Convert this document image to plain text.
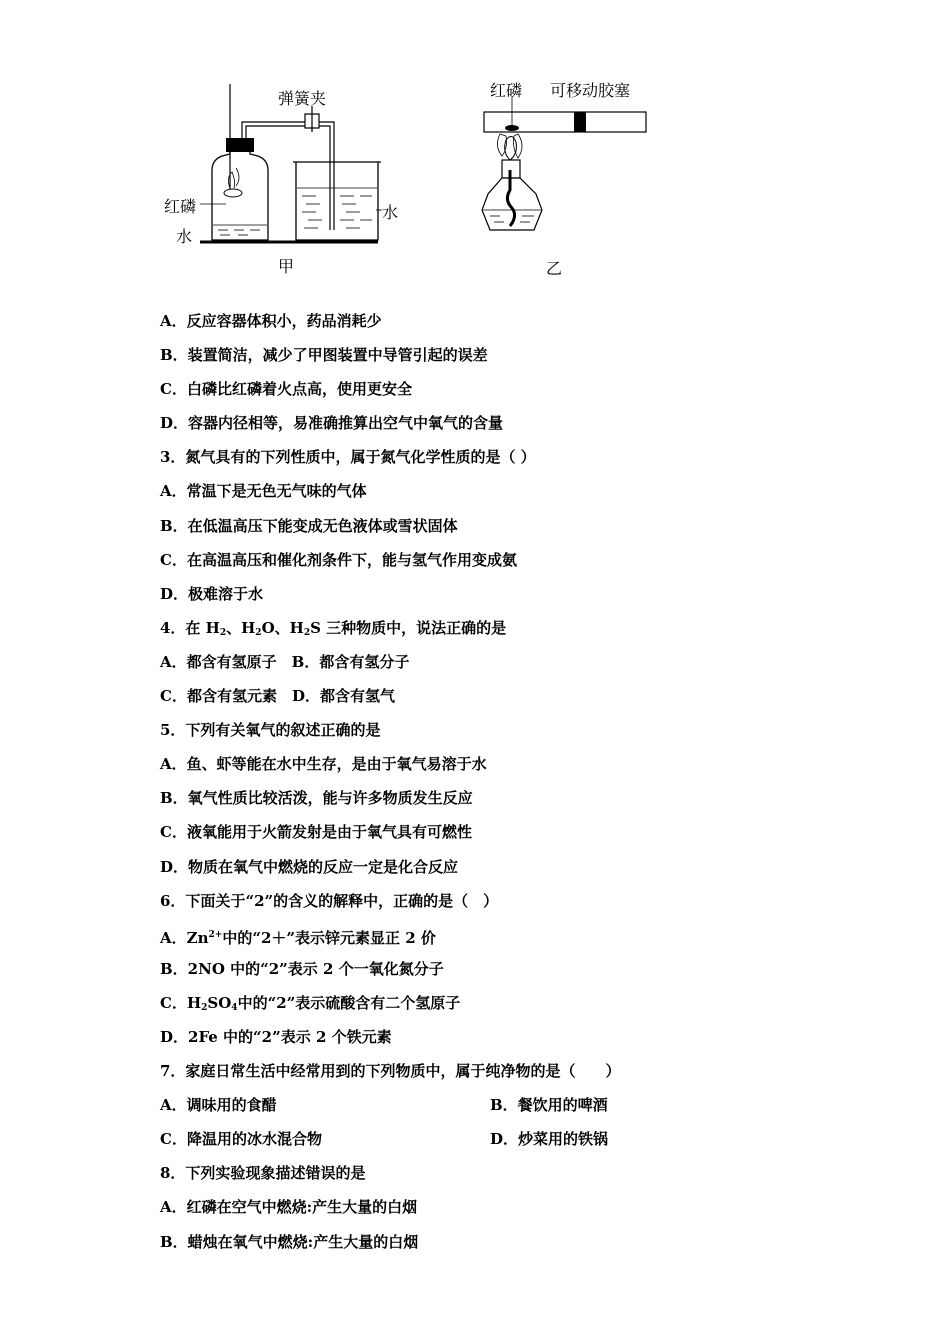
弹簧夹
红磷
水
水
甲
红磷 可移动胶塞
乙
A．反应容器体积小，药品消耗少
B．装置简洁，减少了甲图装置中导管引起的误差
C．白磷比红磷着火点高，使用更安全
D．容器内径相等，易准确推算出空气中氧气的含量
3．氮气具有的下列性质中，属于氮气化学性质的是（ ）
A．常温下是无色无气味的气体
B．在低温高压下能变成无色液体或雪状固体
C．在高温高压和催化剂条件下，能与氢气作用变成氨
D．极难溶于水
4．在 $H_2$、$H_2O$、$H_2S$ 三种物质中，说法正确的是
A．都含有氢原子　B．都含有氢分子
C．都含有氢元素　D．都含有氢气
5．下列有关氧气的叙述正确的是
A．鱼、虾等能在水中生存，是由于氧气易溶于水
B．氧气性质比较活泼，能与许多物质发生反应
C．液氧能用于火箭发射是由于氧气具有可燃性
D．物质在氧气中燃烧的反应一定是化合反应
6．下面关于“2”的含义的解释中，正确的是（　）
A．$Zn^{2+}$中的“2＋”表示锌元素显正 2 价
B．2NO 中的“2”表示 2 个一氧化氮分子
C．$H_2SO_4$中的“2”表示硫酸含有二个氢原子
D．2Fe 中的“2”表示 2 个铁元素
7．家庭日常生活中经常用到的下列物质中，属于纯净物的是（　　）
A．调味用的食醋	B．餐饮用的啤酒
C．降温用的冰水混合物	D．炒菜用的铁锅
8．下列实验现象描述错误的是
A．红磷在空气中燃烧:产生大量的白烟
B．蜡烛在氧气中燃烧:产生大量的白烟
